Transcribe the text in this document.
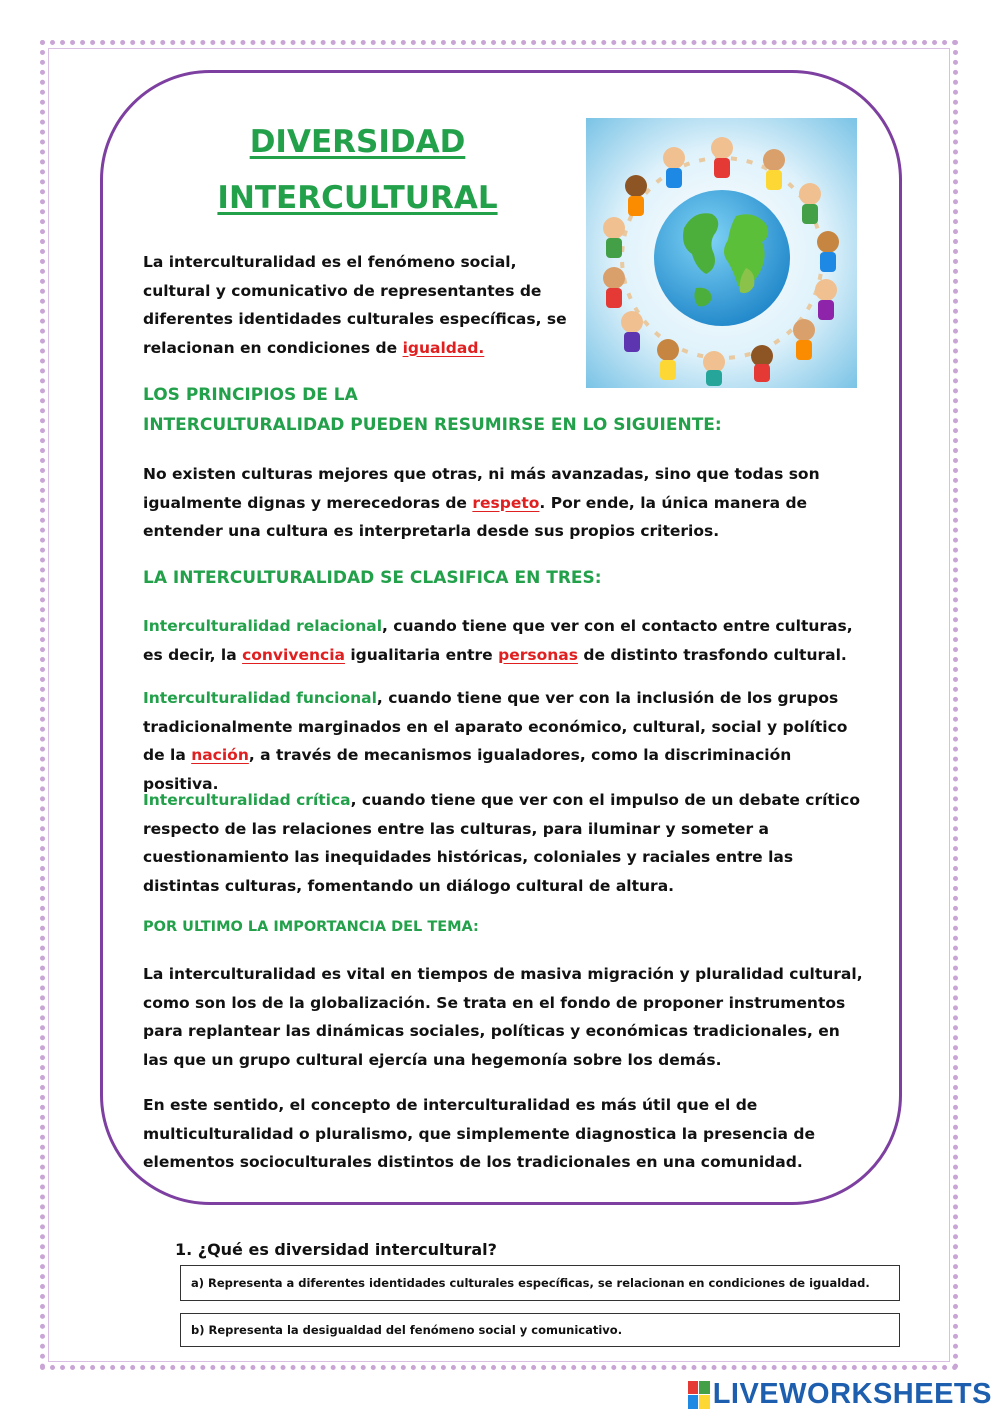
DIVERSIDAD
INTERCULTURAL

La interculturalidad es el fenómeno social, cultural y comunicativo de representantes de diferentes identidades culturales específicas, se relacionan en condiciones de igualdad.

LOS PRINCIPIOS DE LA

INTERCULTURALIDAD PUEDEN RESUMIRSE EN LO SIGUIENTE:

No existen culturas mejores que otras, ni más avanzadas, sino que todas son igualmente dignas y merecedoras de respeto. Por ende, la única manera de entender una cultura es interpretarla desde sus propios criterios.

LA INTERCULTURALIDAD SE CLASIFICA EN TRES:

Interculturalidad relacional, cuando tiene que ver con el contacto entre culturas, es decir, la convivencia igualitaria entre personas de distinto trasfondo cultural.

Interculturalidad funcional, cuando tiene que ver con la inclusión de los grupos tradicionalmente marginados en el aparato económico, cultural, social y político de la nación, a través de mecanismos igualadores, como la discriminación positiva.

Interculturalidad crítica, cuando tiene que ver con el impulso de un debate crítico respecto de las relaciones entre las culturas, para iluminar y someter a cuestionamiento las inequidades históricas, coloniales y raciales entre las distintas culturas, fomentando un diálogo cultural de altura.

POR ULTIMO LA IMPORTANCIA DEL TEMA:

La interculturalidad es vital en tiempos de masiva migración y pluralidad cultural, como son los de la globalización. Se trata en el fondo de proponer instrumentos para replantear las dinámicas sociales, políticas y económicas tradicionales, en las que un grupo cultural ejercía una hegemonía sobre los demás.

En este sentido, el concepto de interculturalidad es más útil que el de multiculturalidad o pluralismo, que simplemente diagnostica la presencia de elementos socioculturales distintos de los tradicionales en una comunidad.

1. ¿Qué es diversidad intercultural?

a) Representa a diferentes identidades culturales específicas, se relacionan en condiciones de igualdad.
b) Representa la desigualdad del fenómeno social y comunicativo.
LIVEWORKSHEETS
